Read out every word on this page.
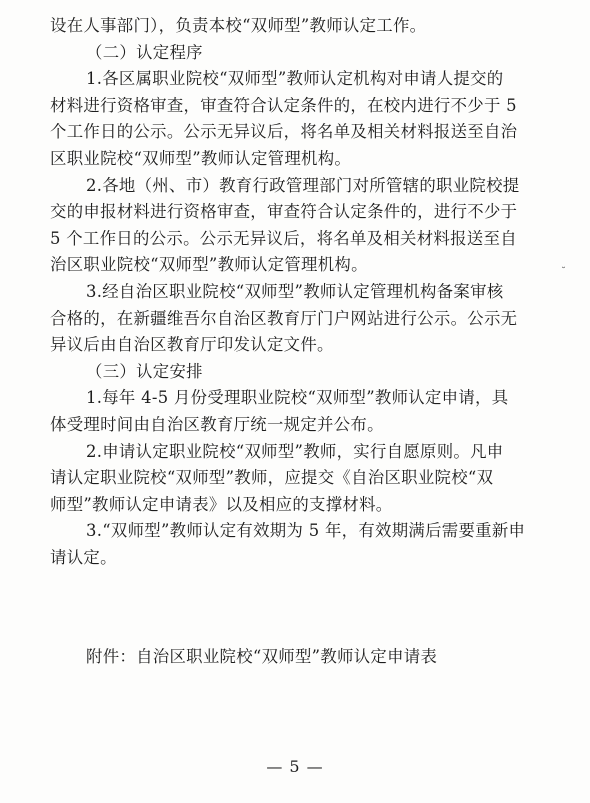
设在人事部门），负责本校“双师型”教师认定工作。
（二）认定程序
1.各区属职业院校“双师型”教师认定机构对申请人提交的
材料进行资格审查，审查符合认定条件的，在校内进行不少于 5
个工作日的公示。公示无异议后，将名单及相关材料报送至自治
区职业院校“双师型”教师认定管理机构。
2.各地（州、市）教育行政管理部门对所管辖的职业院校提
交的申报材料进行资格审查，审查符合认定条件的，进行不少于
5 个工作日的公示。公示无异议后，将名单及相关材料报送至自
治区职业院校“双师型”教师认定管理机构。
3.经自治区职业院校“双师型”教师认定管理机构备案审核
合格的，在新疆维吾尔自治区教育厅门户网站进行公示。公示无
异议后由自治区教育厅印发认定文件。
（三）认定安排
1.每年 4-5 月份受理职业院校“双师型”教师认定申请，具
体受理时间由自治区教育厅统一规定并公布。
2.申请认定职业院校“双师型”教师，实行自愿原则。凡申
请认定职业院校“双师型”教师，应提交《自治区职业院校“双
师型”教师认定申请表》以及相应的支撑材料。
3.“双师型”教师认定有效期为 5 年，有效期满后需要重新申
请认定。
附件：自治区职业院校“双师型”教师认定申请表
— 5 —
˘
